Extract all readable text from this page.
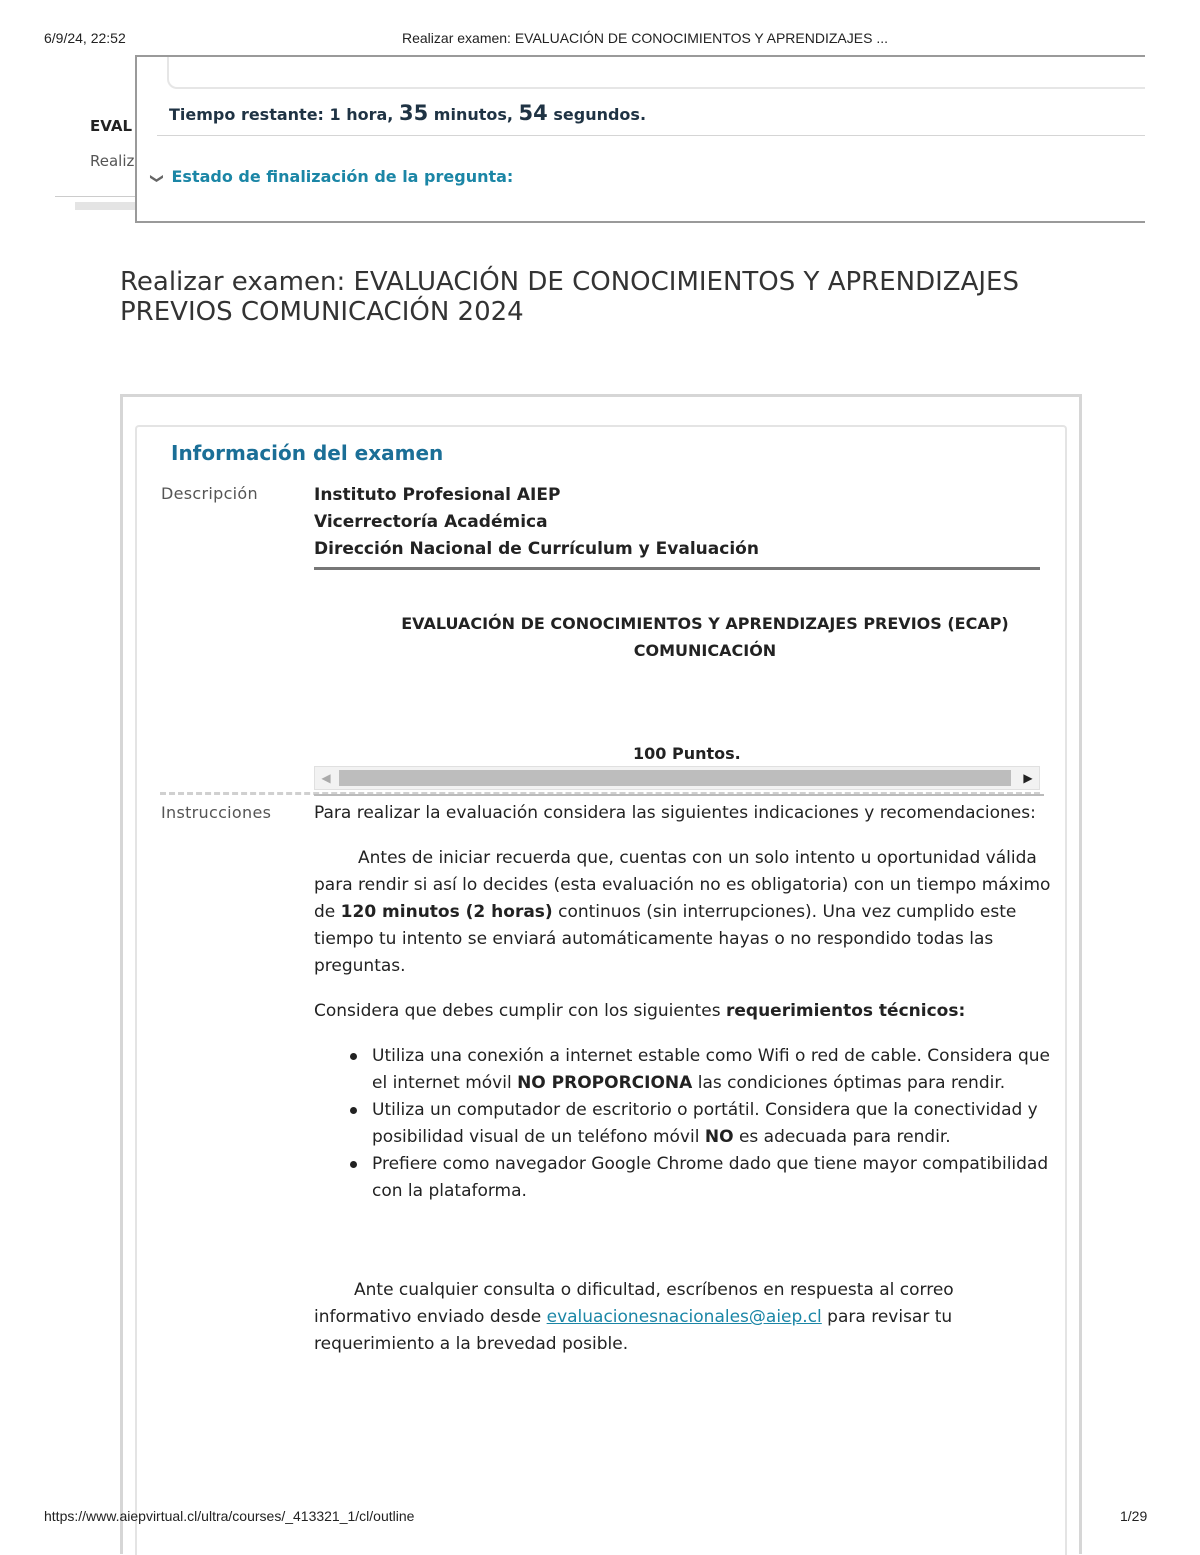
6/9/24, 22:52	Realizar examen: EVALUACIÓN DE CONOCIMIENTOS Y APRENDIZAJES ...
EVAL
Realiz
Tiempo restante: 1 hora, 35 minutos, 54 segundos.
❯ Estado de finalización de la pregunta:
Realizar examen: EVALUACIÓN DE CONOCIMIENTOS Y APRENDIZAJES PREVIOS COMUNICACIÓN 2024
Información del examen
Descripción	Instituto Profesional AIEP
Vicerrectoría Académica
Dirección Nacional de Currículum y Evaluación
EVALUACIÓN DE CONOCIMIENTOS Y APRENDIZAJES PREVIOS (ECAP)
COMUNICACIÓN
100 Puntos.
◀	▶
Instrucciones	Para realizar la evaluación considera las siguientes indicaciones y recomendaciones:

Antes de iniciar recuerda que, cuentas con un solo intento u oportunidad válida para rendir si así lo decides (esta evaluación no es obligatoria) con un tiempo máximo de 120 minutos (2 horas) continuos (sin interrupciones). Una vez cumplido este tiempo tu intento se enviará automáticamente hayas o no respondido todas las preguntas.

Considera que debes cumplir con los siguientes requerimientos técnicos:

Utiliza una conexión a internet estable como Wifi o red de cable. Considera que el internet móvil NO PROPORCIONA las condiciones óptimas para rendir.
Utiliza un computador de escritorio o portátil. Considera que la conectividad y posibilidad visual de un teléfono móvil NO es adecuada para rendir.
Prefiere como navegador Google Chrome dado que tiene mayor compatibilidad con la plataforma.

Ante cualquier consulta o dificultad, escríbenos en respuesta al correo informativo enviado desde evaluacionesnacionales@aiep.cl para revisar tu requerimiento a la brevedad posible.

https://www.aiepvirtual.cl/ultra/courses/_413321_1/cl/outline	1/29
